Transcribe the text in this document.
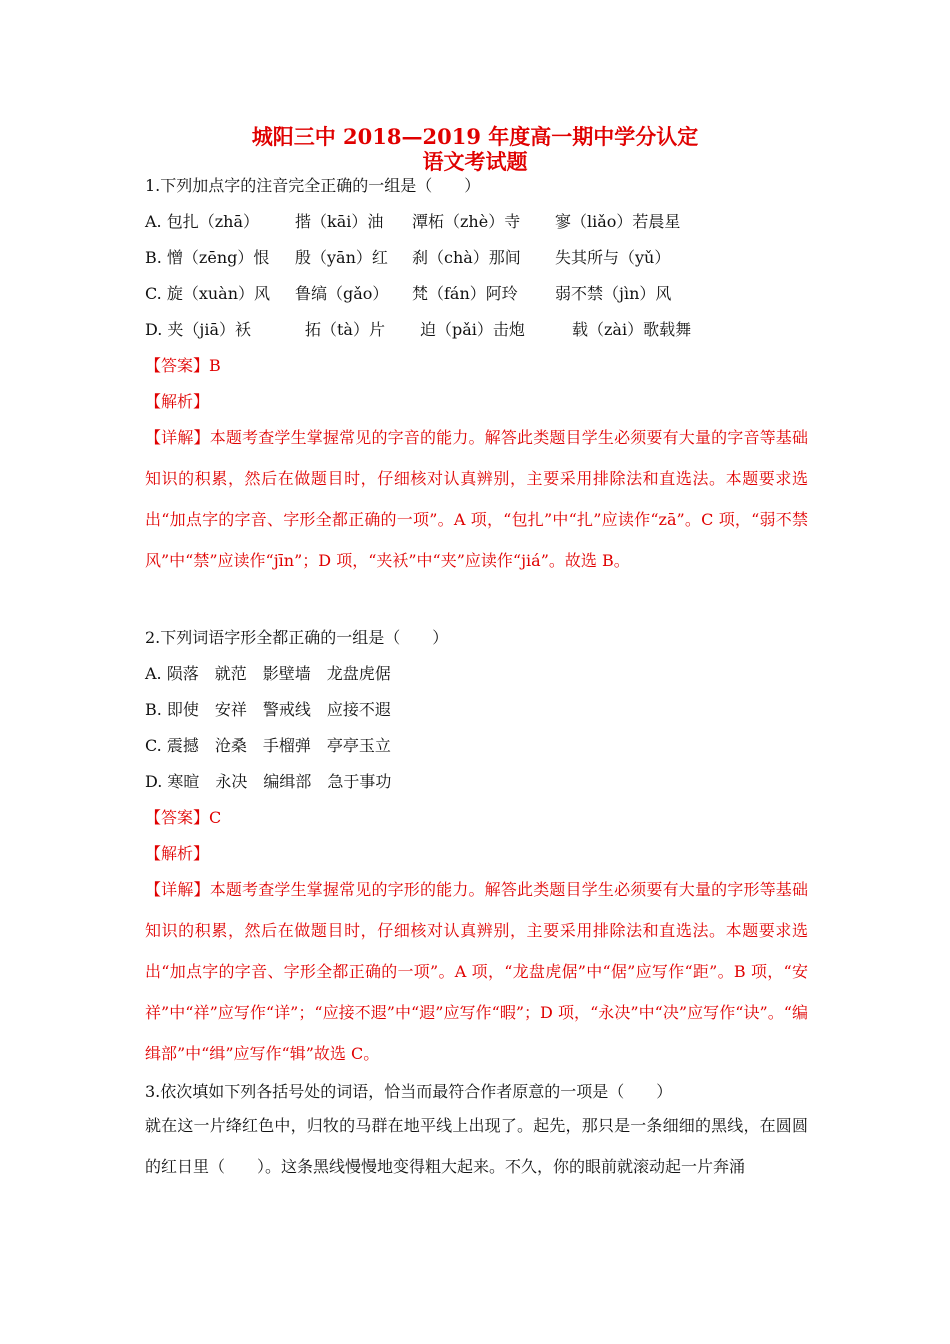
城阳三中 2018—2019 年度高一期中学分认定
语文考试题
1.下列加点字的注音完全正确的一组是（　　）
A. 包扎（zhā） 揩（kāi）油 潭柘（zhè）寺 寥（liǎo）若晨星
B. 憎（zēng）恨 殷（yān）红 刹（chà）那间 失其所与（yǔ）
C. 旋（xuàn）风 鲁缟（gǎo） 梵（fán）阿玲 弱不禁（jìn）风
D. 夹（jiā）袄	拓（tà）片 迫（pǎi）击炮	载（zài）歌载舞
【答案】B
【解析】
【详解】本题考查学生掌握常见的字音的能力。解答此类题目学生必须要有大量的字音等基础知识的积累，然后在做题目时，仔细核对认真辨别，主要采用排除法和直选法。本题要求选出“加点字的字音、字形全都正确的一项”。A 项，“包扎”中“扎”应读作“zā”。C 项，“弱不禁风”中“禁”应读作“jīn”；D 项，“夹袄”中“夹”应读作“jiá”。故选 B。
2.下列词语字形全都正确的一组是（　　）
A. 陨落　就范　影壁墙　龙盘虎倨
B. 即使　安祥　警戒线　应接不遐
C. 震撼　沧桑　手榴弹　亭亭玉立
D. 寒暄　永决　编缉部　急于事功
【答案】C
【解析】
【详解】本题考查学生掌握常见的字形的能力。解答此类题目学生必须要有大量的字形等基础知识的积累，然后在做题目时，仔细核对认真辨别，主要采用排除法和直选法。本题要求选出“加点字的字音、字形全都正确的一项”。A 项，“龙盘虎倨”中“倨”应写作“距”。B 项，“安祥”中“祥”应写作“详”；“应接不遐”中“遐”应写作“暇”；D 项，“永决”中“决”应写作“诀”。“编缉部”中“缉”应写作“辑”故选 C。
3.依次填如下列各括号处的词语，恰当而最符合作者原意的一项是（　　）
就在这一片绛红色中，归牧的马群在地平线上出现了。起先，那只是一条细细的黑线，在圆圆的红日里（　　）。这条黑线慢慢地变得粗大起来。不久，你的眼前就滚动起一片奔涌
